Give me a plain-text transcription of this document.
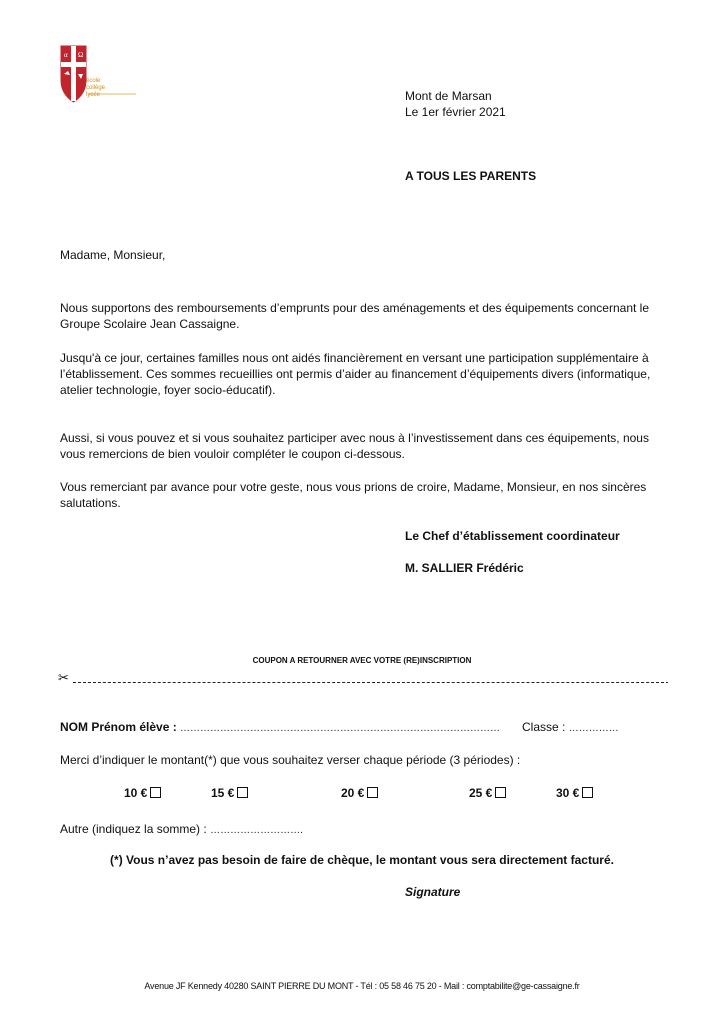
α Ω
école
collège
lycée	Mont de Marsan
Le 1er février 2021
A TOUS LES PARENTS
Madame, Monsieur,
Nous supportons des remboursements d’emprunts pour des aménagements et des équipements concernant le Groupe Scolaire Jean Cassaigne.
Jusqu'à ce jour, certaines familles nous ont aidés financièrement en versant une participation supplémentaire à l’établissement. Ces sommes recueillies ont permis d’aider au financement d’équipements divers (informatique, atelier technologie, foyer socio-éducatif).
Aussi, si vous pouvez et si vous souhaitez participer avec nous à l’investissement dans ces équipements, nous vous remercions de bien vouloir compléter le coupon ci-dessous.
Vous remerciant par avance pour votre geste, nous vous prions de croire, Madame, Monsieur, en nos sincères salutations.
Le Chef d’établissement coordinateur
M. SALLIER Frédéric
COUPON A RETOURNER AVEC VOTRE (RE)INSCRIPTION
✂
NOM Prénom élève : …………………………………………………………………………………… Classe : ……………
Merci d’indiquer le montant(*) que vous souhaitez verser chaque période (3 périodes) :
10 €	15 €	20 €	25 €	30 €
Autre (indiquez la somme) : ……………………….
(*) Vous n’avez pas besoin de faire de chèque, le montant vous sera directement facturé.
Signature
Avenue JF Kennedy 40280 SAINT PIERRE DU MONT - Tél : 05 58 46 75 20 - Mail : comptabilite@ge-cassaigne.fr
